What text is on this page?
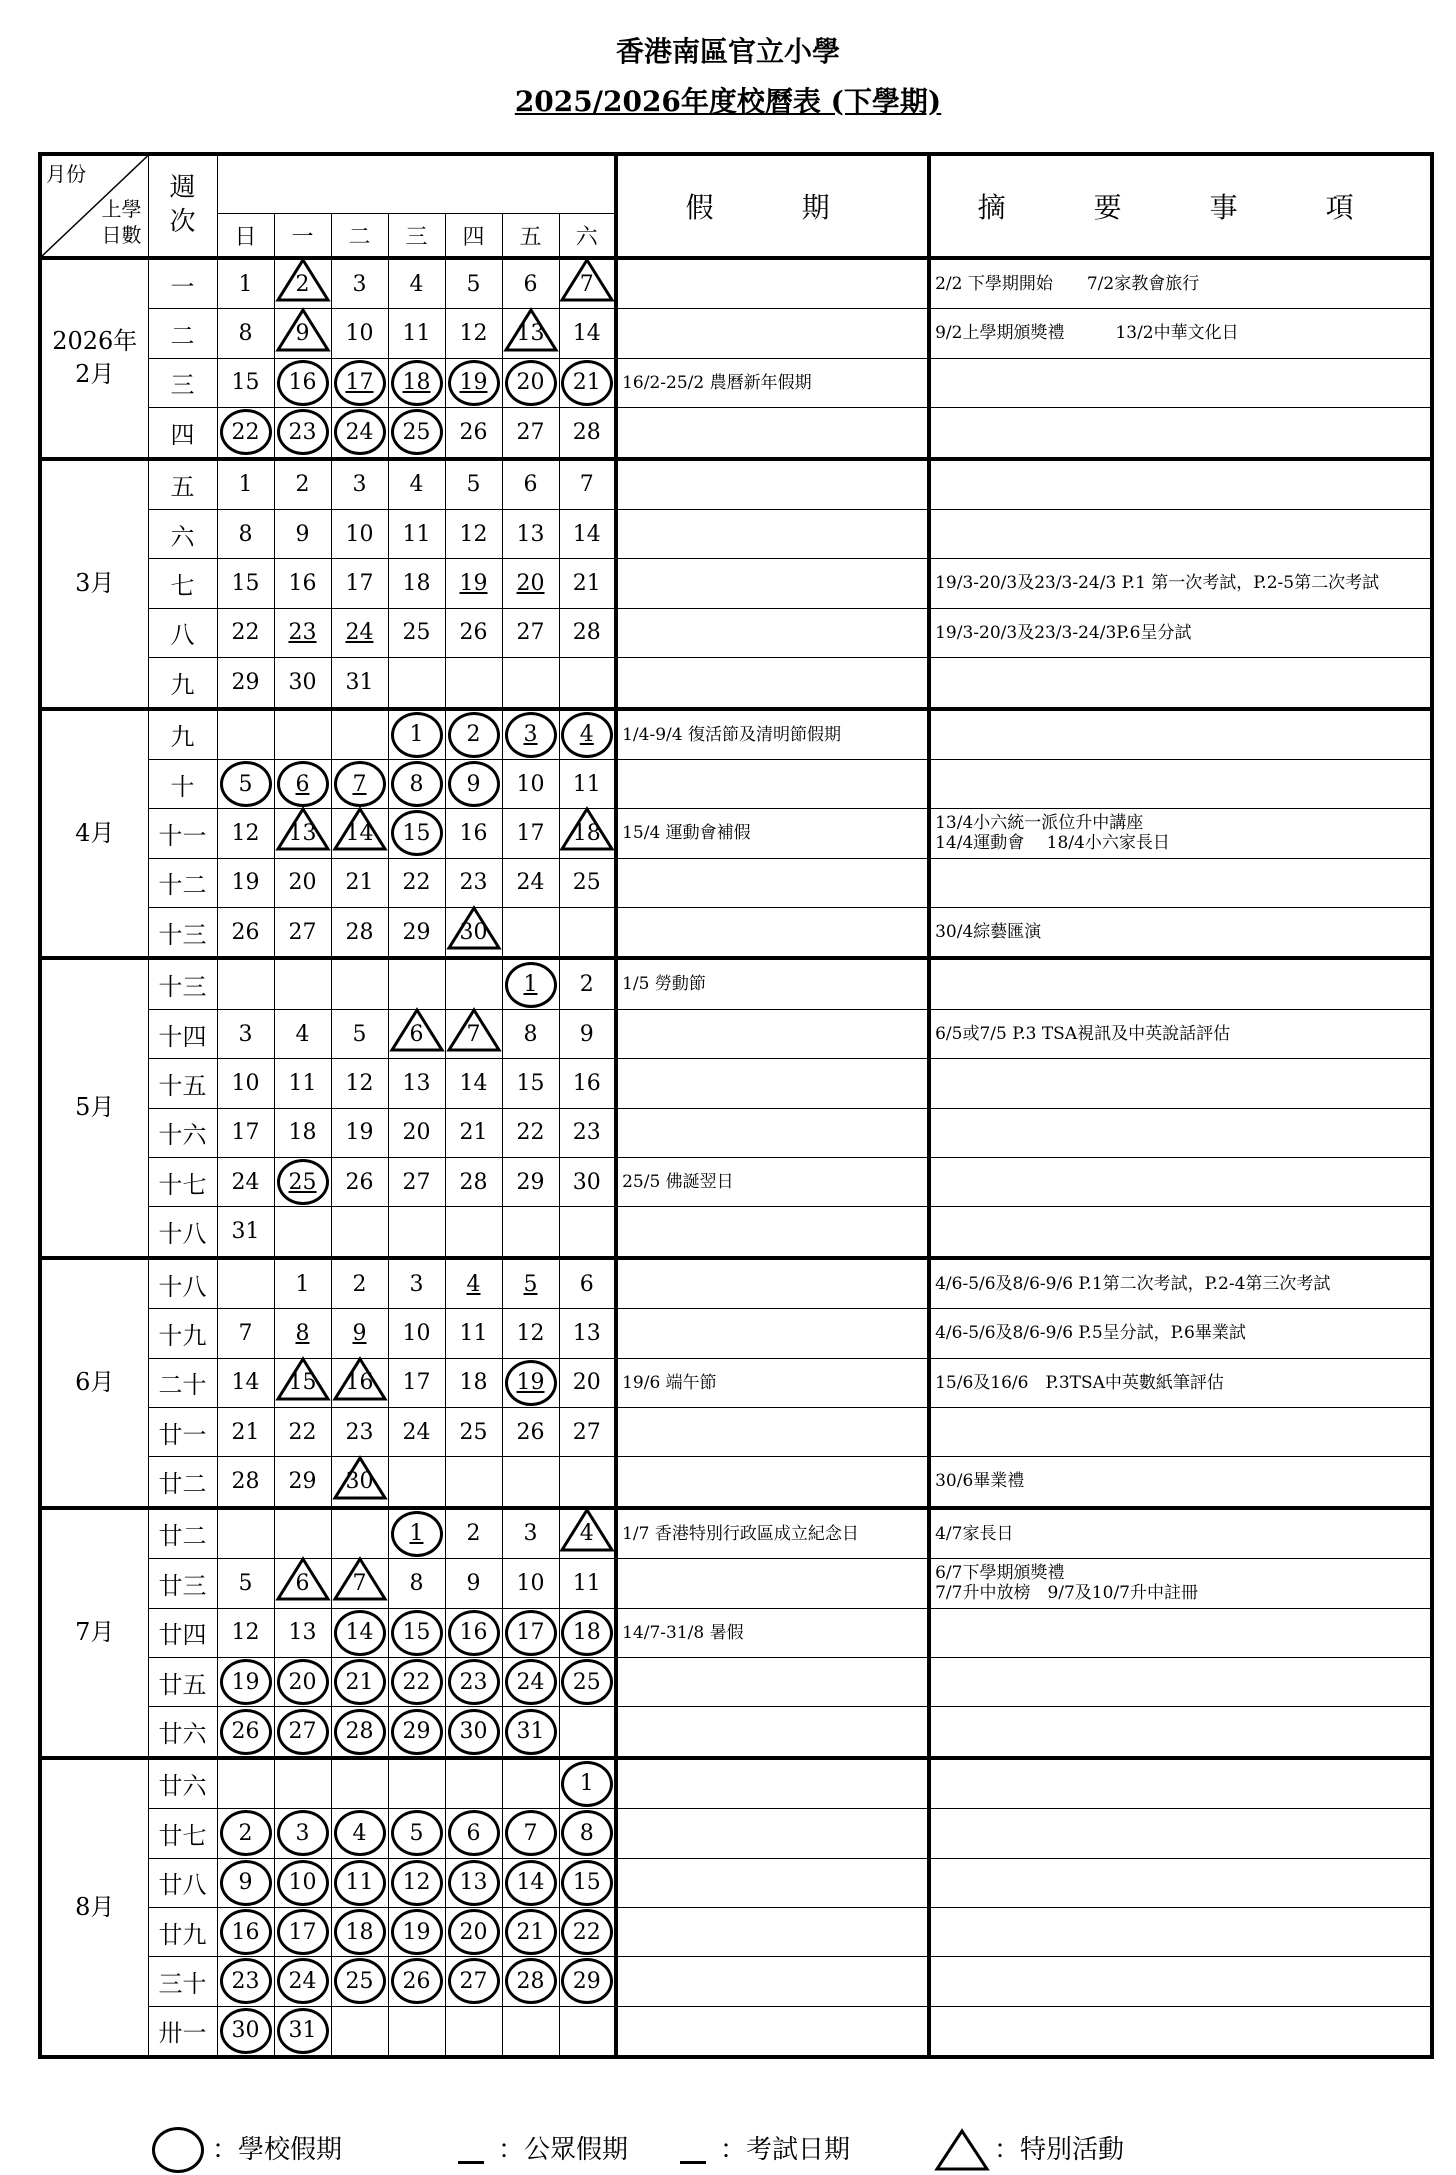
香港南區官立小學
2025/2026年度校曆表 (下學期)
月份
上學
日數	週
次								假　期	摘　要　事　項
		日	一	二	三	四	五	六		
2026年
2月	一	1	2	3	4	5	6	7		2/2 下學期開始　　7/2家教會旅行
	二	8	9	10	11	12	13	14		9/2上學期頒獎禮　　　13/2中華文化日
	三	15	16	17	18	19	20	21	16/2-25/2 農曆新年假期	
	四	22	23	24	25	26	27	28		
3月	五	1	2	3	4	5	6	7		
	六	8	9	10	11	12	13	14		
	七	15	16	17	18	19	20	21		19/3-20/3及23/3-24/3 P.1 第一次考試，P.2-5第二次考試
	八	22	23	24	25	26	27	28		19/3-20/3及23/3-24/3P.6呈分試
	九	29	30	31						
4月	九				1	2	3	4	1/4-9/4 復活節及清明節假期	
	十	5	6	7	8	9	10	11		
	十一	12	13	14	15	16	17	18	15/4 運動會補假	13/4小六統一派位升中講座
14/4運動會　 18/4小六家長日
	十二	19	20	21	22	23	24	25		
	十三	26	27	28	29	30				30/4綜藝匯演
5月	十三						1	2	1/5 勞動節	
	十四	3	4	5	6	7	8	9		6/5或7/5 P.3 TSA視訊及中英說話評估
	十五	10	11	12	13	14	15	16		
	十六	17	18	19	20	21	22	23		
	十七	24	25	26	27	28	29	30	25/5 佛誕翌日	
	十八	31								
6月	十八		1	2	3	4	5	6		4/6-5/6及8/6-9/6 P.1第二次考試，P.2-4第三次考試
	十九	7	8	9	10	11	12	13		4/6-5/6及8/6-9/6 P.5呈分試，P.6畢業試
	二十	14	15	16	17	18	19	20	19/6 端午節	15/6及16/6　P.3TSA中英數紙筆評估
	廿一	21	22	23	24	25	26	27		
	廿二	28	29	30						30/6畢業禮
7月	廿二				1	2	3	4	1/7 香港特別行政區成立紀念日	4/7家長日
	廿三	5	6	7	8	9	10	11		6/7下學期頒獎禮
7/7升中放榜　9/7及10/7升中註冊
	廿四	12	13	14	15	16	17	18	14/7-31/8 暑假	
	廿五	19	20	21	22	23	24	25		
	廿六	26	27	28	29	30	31			
8月	廿六							1		
	廿七	2	3	4	5	6	7	8		
	廿八	9	10	11	12	13	14	15		
	廿九	16	17	18	19	20	21	22		
	三十	23	24	25	26	27	28	29		
	卅一	30	31							
：學校假期	：公眾假期	：考試日期	：特別活動
